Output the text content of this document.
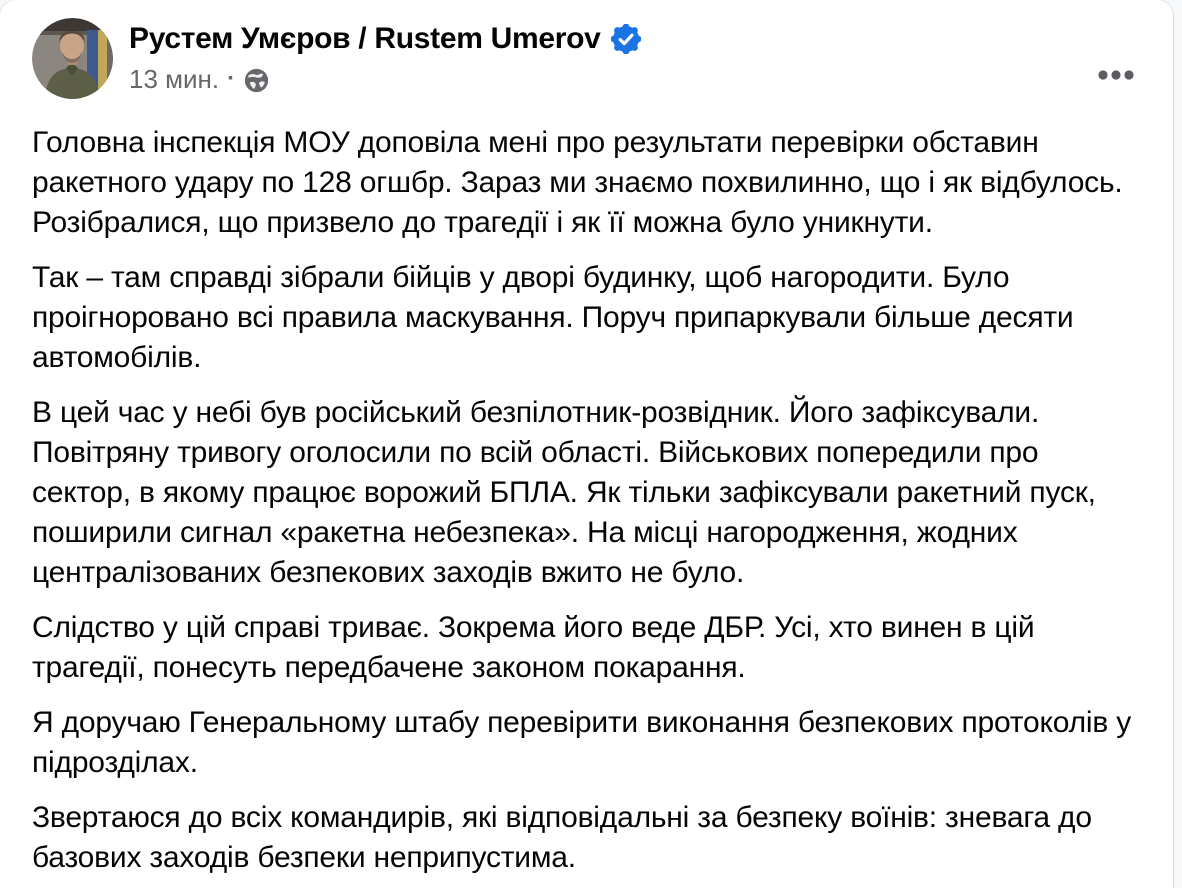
Рустем Умєров / Rustem Umerov
13 мин. ·

Головна інспекція МОУ доповіла мені про результати перевірки обставин ракетного удару по 128 огшбр. Зараз ми знаємо похвилинно, що і як відбулось. Розібралися, що призвело до трагедії і як її можна було уникнути.

Так – там справді зібрали бійців у дворі будинку, щоб нагородити. Було проігноровано всі правила маскування. Поруч припаркували більше десяти автомобілів.

В цей час у небі був російський безпілотник-розвідник. Його зафіксували. Повітряну тривогу оголосили по всій області. Військових попередили про сектор, в якому працює ворожий БПЛА. Як тільки зафіксували ракетний пуск, поширили сигнал «ракетна небезпека». На місці нагородження, жодних централізованих безпекових заходів вжито не було.

Слідство у цій справі триває. Зокрема його веде ДБР. Усі, хто винен в цій трагедії, понесуть передбачене законом покарання.

Я доручаю Генеральному штабу перевірити виконання безпекових протоколів у підрозділах.

Звертаюся до всіх командирів, які відповідальні за безпеку воїнів: зневага до базових заходів безпеки неприпустима.
